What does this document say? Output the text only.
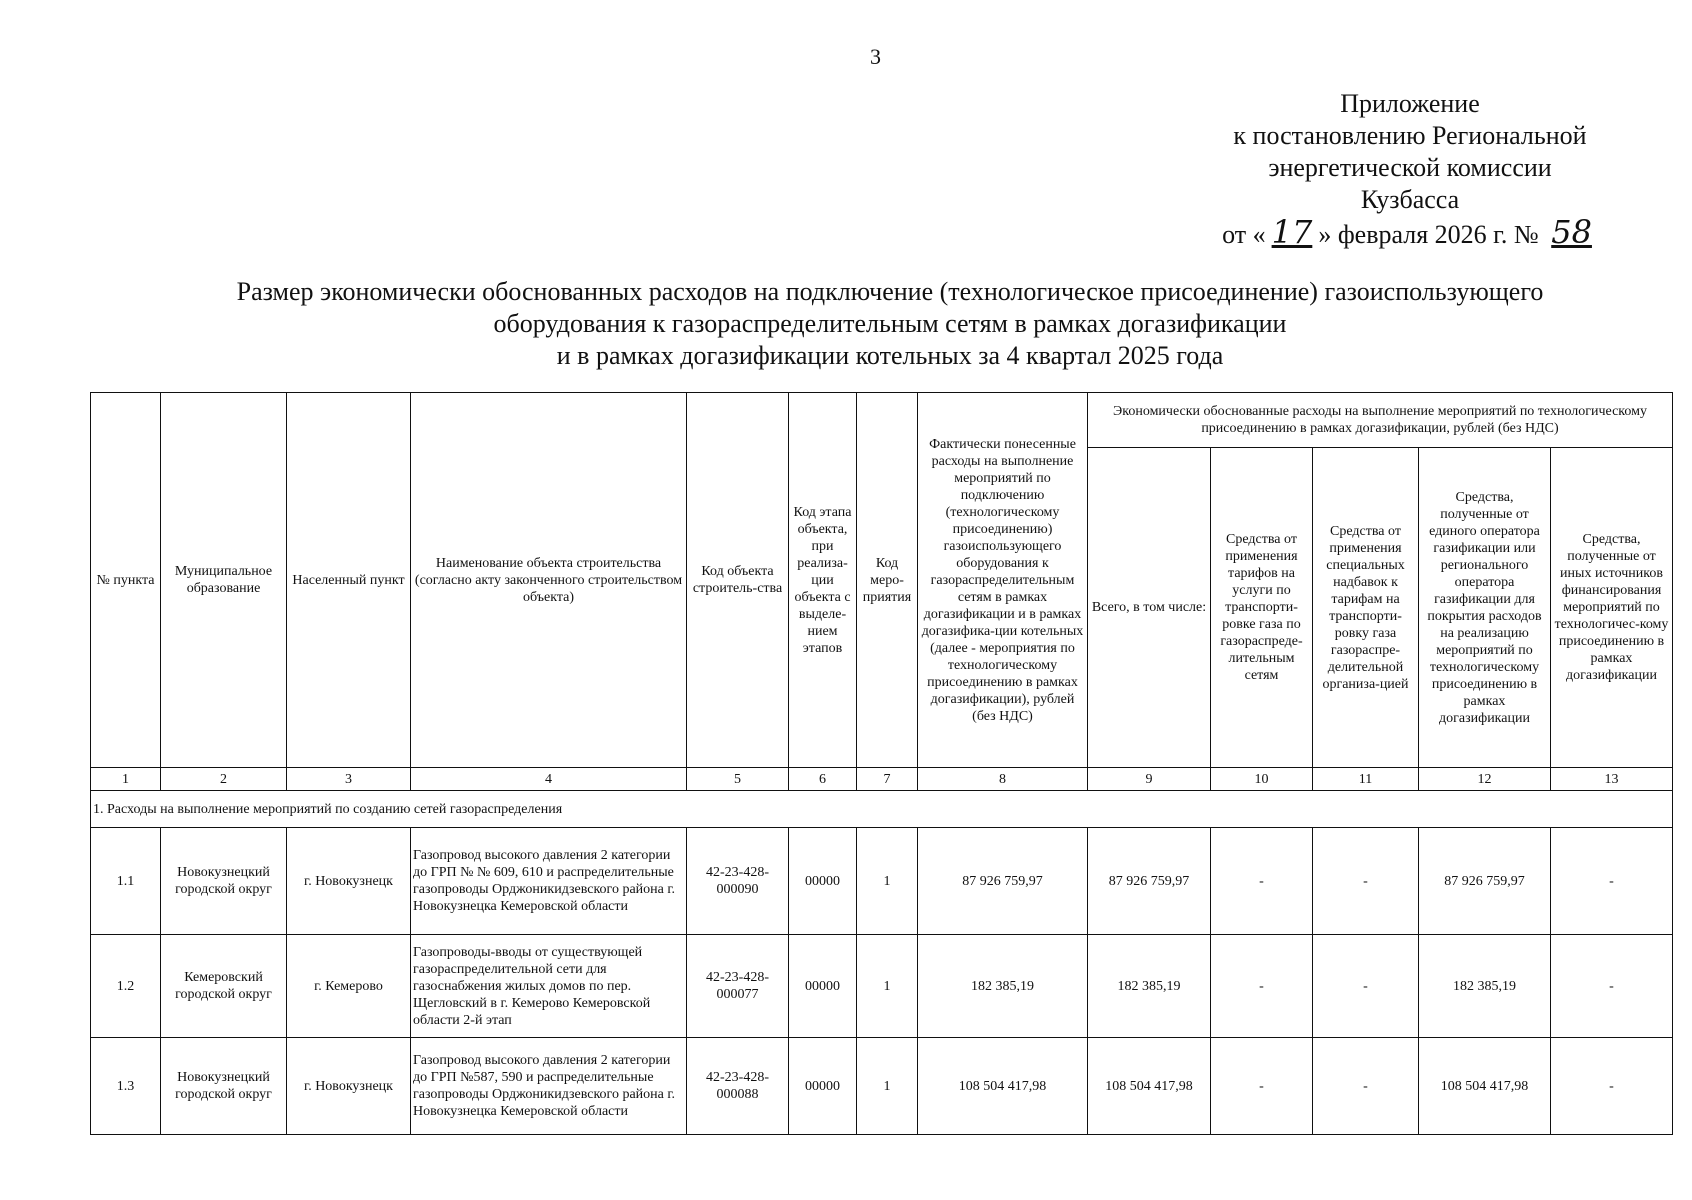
3
Приложение
к постановлению Региональной
энергетической комиссии
Кузбасса
от « 17 » февраля 2026 г. № 58
Размер экономически обоснованных расходов на подключение (технологическое присоединение) газоиспользующего
оборудования к газораспределительным сетям в рамках догазификации
и в рамках догазификации котельных за 4 квартал 2025 года
№ пункта	Муниципальное образование	Населенный пункт	Наименование объекта строительства (согласно акту законченного строительством объекта)	Код объекта строитель-ства	Код этапа объекта, при реализа-ции объекта с выделе-нием этапов	Код меро-приятия	Фактически понесенные расходы на выполнение мероприятий по подключению (технологическому присоединению) газоиспользующего оборудования к газораспределительным сетям в рамках догазификации и в рамках догазифика-ции котельных (далее - мероприятия по технологическому присоединению в рамках догазификации), рублей (без НДС)	Экономически обоснованные расходы на выполнение мероприятий по технологическому присоединению в рамках догазификации, рублей (без НДС)				
								Всего, в том числе:	Средства от применения тарифов на услуги по транспорти-ровке газа по газораспреде-лительным сетям	Средства от применения специальных надбавок к тарифам на транспорти-ровку газа газораспре-делительной организа-цией	Средства, полученные от единого оператора газификации или регионального оператора газификации для покрытия расходов на реализацию мероприятий по технологическому присоединению в рамках догазификации	Средства, полученные от иных источников финансирования мероприятий по технологичес-кому присоединению в рамках догазификации
1	2	3	4	5	6	7	8	9	10	11	12	13
1. Расходы на выполнение мероприятий по созданию сетей газораспределения												
1.1	Новокузнецкий городской округ	г. Новокузнецк	Газопровод высокого давления 2 категории до ГРП № № 609, 610 и распределительные газопроводы Орджоникидзевского района г. Новокузнецка Кемеровской области	42-23-428-000090	00000	1	87 926 759,97	87 926 759,97	-	-	87 926 759,97	-
1.2	Кемеровский городской округ	г. Кемерово	Газопроводы-вводы от существующей газораспределительной сети для газоснабжения жилых домов по пер. Щегловский в г. Кемерово Кемеровской области 2-й этап	42-23-428-000077	00000	1	182 385,19	182 385,19	-	-	182 385,19	-
1.3	Новокузнецкий городской округ	г. Новокузнецк	Газопровод высокого давления 2 категории до ГРП №587, 590 и распределительные газопроводы Орджоникидзевского района г. Новокузнецка Кемеровской области	42-23-428-000088	00000	1	108 504 417,98	108 504 417,98	-	-	108 504 417,98	-
